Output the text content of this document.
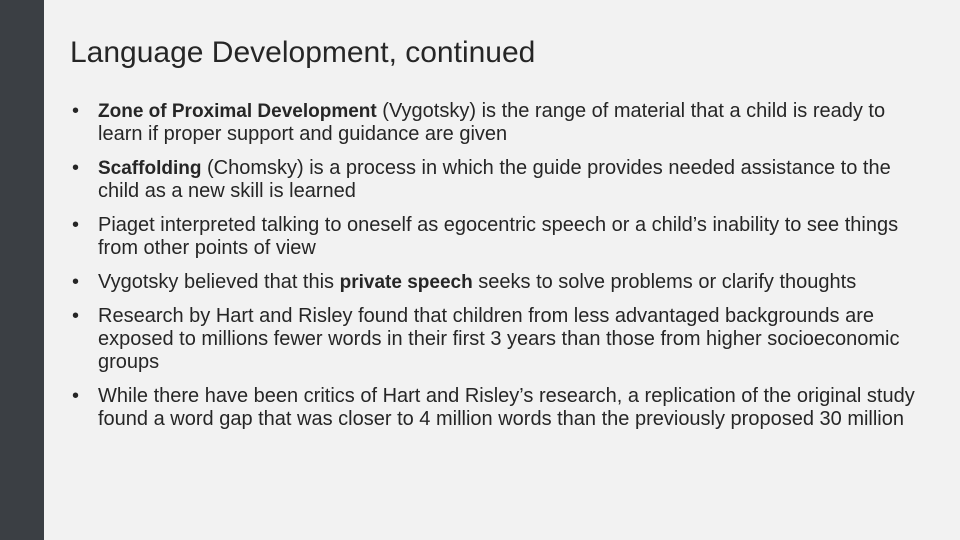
Language Development, continued
• Zone of Proximal Development (Vygotsky) is the range of material that a child is ready to learn if proper support and guidance are given
• Scaffolding (Chomsky) is a process in which the guide provides needed assistance to the child as a new skill is learned
• Piaget interpreted talking to oneself as egocentric speech or a child’s inability to see things from other points of view
• Vygotsky believed that this private speech seeks to solve problems or clarify thoughts
• Research by Hart and Risley found that children from less advantaged backgrounds are exposed to millions fewer words in their first 3 years than those from higher socioeconomic groups
• While there have been critics of Hart and Risley’s research, a replication of the original study found a word gap that was closer to 4 million words than the previously proposed 30 million
